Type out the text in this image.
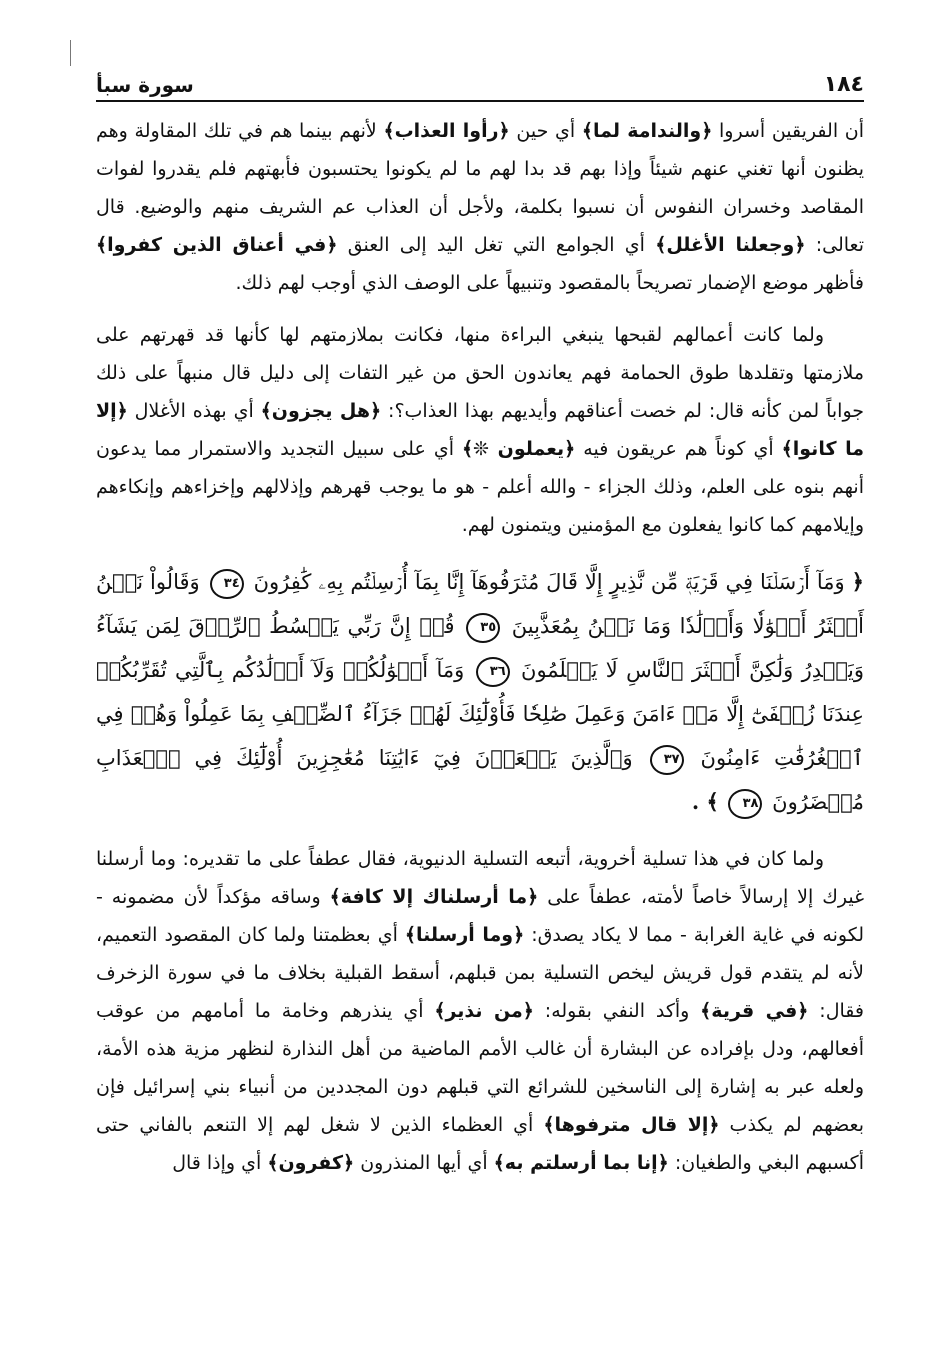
١٨٤
سورة سبأ

أن الفريقين أسروا ﴿والندامة لما﴾ أي حين ﴿رأوا العذاب﴾ لأنهم بينما هم في تلك المقاولة وهم يظنون أنها تغني عنهم شيئاً وإذا بهم قد بدا لهم ما لم يكونوا يحتسبون فأبهتهم فلم يقدروا لفوات المقاصد وخسران النفوس أن نسبوا بكلمة، ولأجل أن العذاب عم الشريف منهم والوضيع. قال تعالى: ﴿وجعلنا الأغلل﴾ أي الجوامع التي تغل اليد إلى العنق ﴿في أعناق الذين كفروا﴾ فأظهر موضع الإضمار تصريحاً بالمقصود وتنبيهاً على الوصف الذي أوجب لهم ذلك.

ولما كانت أعمالهم لقبحها ينبغي البراءة منها، فكانت بملازمتهم لها كأنها قد قهرتهم على ملازمتها وتقلدها طوق الحمامة فهم يعاندون الحق من غير التفات إلى دليل قال منبهاً على ذلك جواباً لمن كأنه قال: لم خصت أعناقهم وأيديهم بهذا العذاب؟: ﴿هل يجزون﴾ أي بهذه الأغلال ﴿إلا ما كانوا﴾ أي كوناً هم عريقون فيه ﴿يعملون ❊﴾ أي على سبيل التجديد والاستمرار مما يدعون أنهم بنوه على العلم، وذلك الجزاء - والله أعلم - هو ما يوجب قهرهم وإذلالهم وإخزاءهم وإنكاءهم وإيلامهم كما كانوا يفعلون مع المؤمنين ويتمنون لهم.

﴿ وَمَآ أَرۡسَلۡنَا فِي قَرۡيَةٖ مِّن نَّذِيرٍ إِلَّا قَالَ مُتۡرَفُوهَآ إِنَّا بِمَآ أُرۡسِلۡتُم بِهِۦ كَٰفِرُونَ ٣٤ وَقَالُواْ نَحۡنُ أَكۡثَرُ أَمۡوَٰلٗا وَأَوۡلَٰدٗا وَمَا نَحۡنُ بِمُعَذَّبِينَ ٣٥ قُلۡ إِنَّ رَبِّي يَبۡسُطُ ٱلرِّزۡقَ لِمَن يَشَآءُ وَيَقۡدِرُ وَلَٰكِنَّ أَكۡثَرَ ٱلنَّاسِ لَا يَعۡلَمُونَ ٣٦ وَمَآ أَمۡوَٰلُكُمۡ وَلَآ أَوۡلَٰدُكُم بِٱلَّتِي تُقَرِّبُكُمۡ عِندَنَا زُلۡفَىٰٓ إِلَّا مَنۡ ءَامَنَ وَعَمِلَ صَٰلِحٗا فَأُوْلَٰٓئِكَ لَهُمۡ جَزَآءُ ٱلضِّعۡفِ بِمَا عَمِلُواْ وَهُمۡ فِي ٱلۡغُرُفَٰتِ ءَامِنُونَ ٣٧ وَٱلَّذِينَ يَسۡعَوۡنَ فِيٓ ءَايَٰتِنَا مُعَٰجِزِينَ أُوْلَٰٓئِكَ فِي ٱلۡعَذَابِ مُحۡضَرُونَ ٣٨ ﴾ .

ولما كان في هذا تسلية أخروية، أتبعه التسلية الدنيوية، فقال عطفاً على ما تقديره: وما أرسلنا غيرك إلا إرسالاً خاصاً لأمته، عطفاً على ﴿ما أرسلناك إلا كافة﴾ وساقه مؤكداً لأن مضمونه - لكونه في غاية الغرابة - مما لا يكاد يصدق: ﴿وما أرسلنا﴾ أي بعظمتنا ولما كان المقصود التعميم، لأنه لم يتقدم قول قريش ليخص التسلية بمن قبلهم، أسقط القبلية بخلاف ما في سورة الزخرف فقال: ﴿في قرية﴾ وأكد النفي بقوله: ﴿من نذير﴾ أي ينذرهم وخامة ما أمامهم من عوقب أفعالهم، ودل بإفراده عن البشارة أن غالب الأمم الماضية من أهل النذارة لنظهر مزية هذه الأمة، ولعله عبر به إشارة إلى الناسخين للشرائع التي قبلهم دون المجددين من أنبياء بني إسرائيل فإن بعضهم لم يكذب ﴿إلا قال مترفوها﴾ أي العظماء الذين لا شغل لهم إلا التنعم بالفاني حتى أكسبهم البغي والطغيان: ﴿إنا بما أرسلتم به﴾ أي أيها المنذرون ﴿كفرون﴾ أي وإذا قال
